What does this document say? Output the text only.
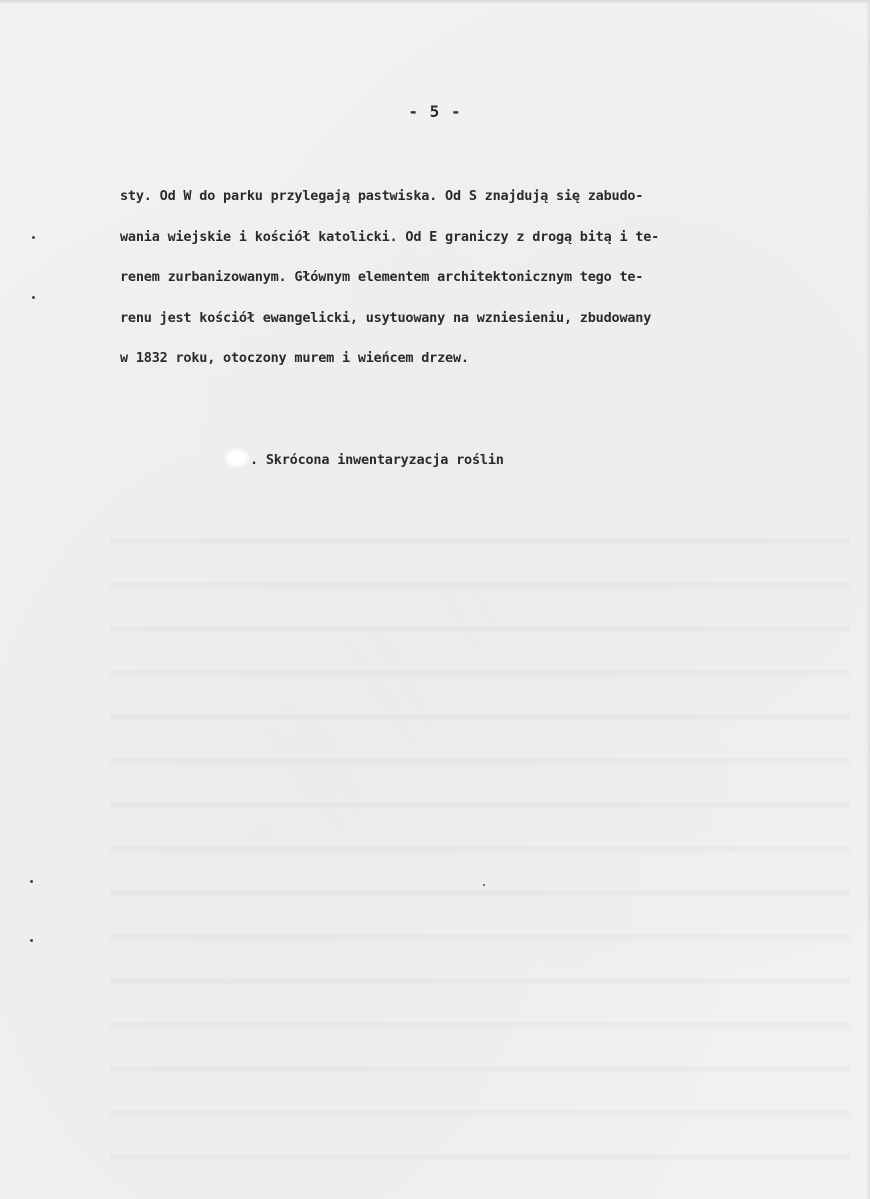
- 5 -
sty. Od W do parku przylegają pastwiska. Od S znajdują się zabudo-
wania wiejskie i kościół katolicki. Od E graniczy z drogą bitą i te-
renem zurbanizowanym. Głównym elementem architektonicznym tego te-
renu jest kościół ewangelicki, usytuowany na wzniesieniu, zbudowany
w 1832 roku, otoczony murem i wieńcem drzew.
. Skrócona inwentaryzacja roślin
